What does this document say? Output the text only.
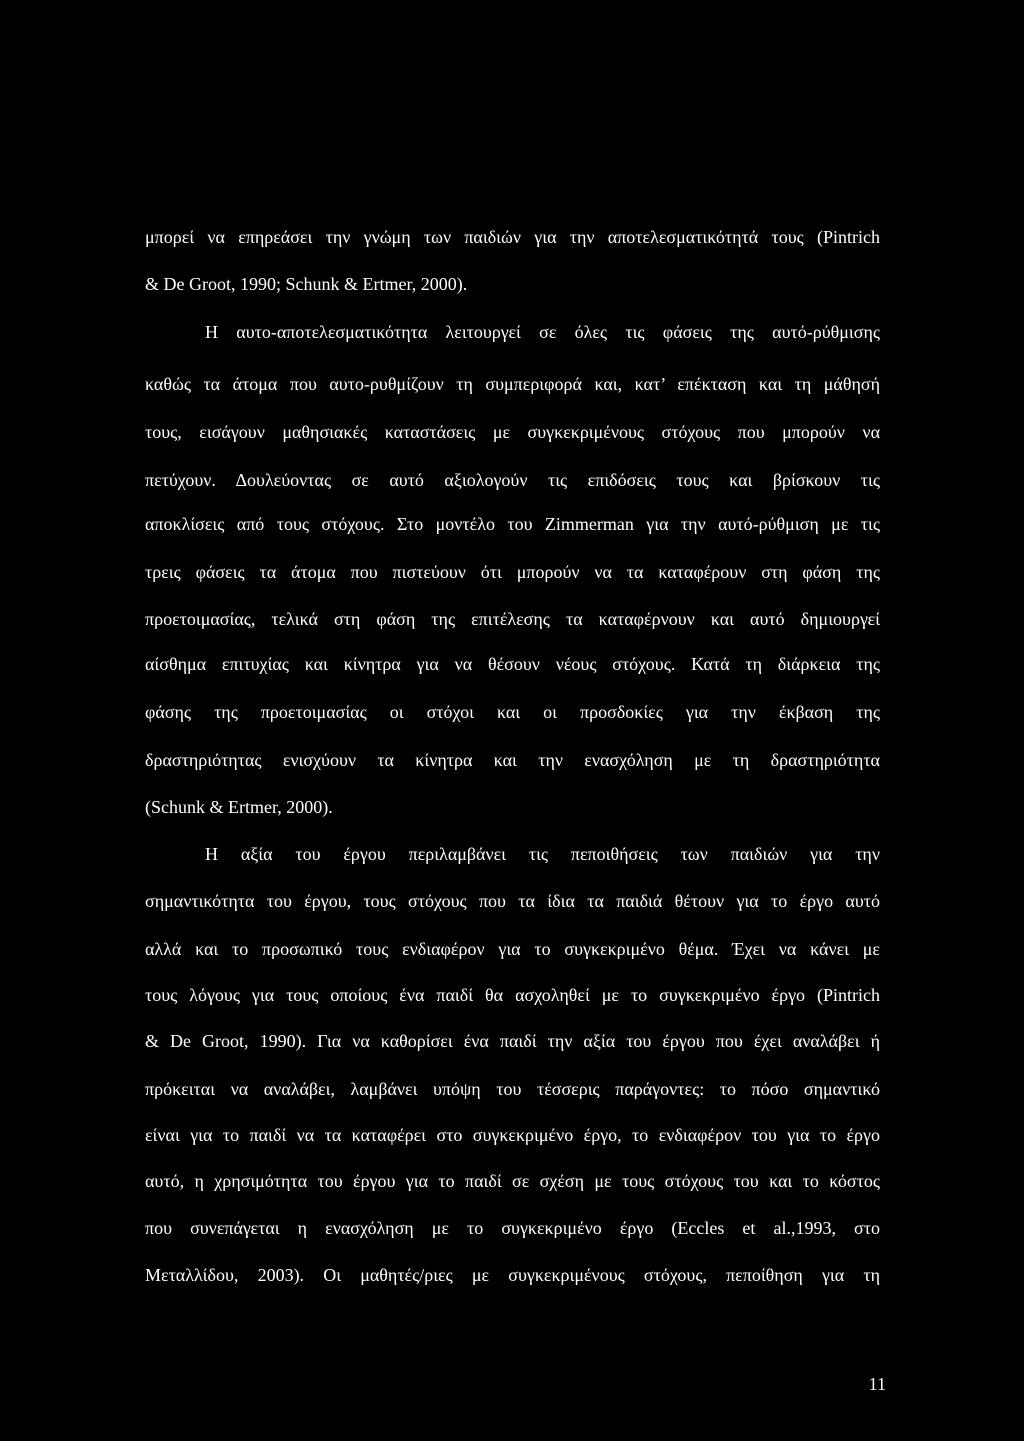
μπορεί να επηρεάσει την γνώμη των παιδιών για την αποτελεσματικότητά τους (Pintrich
& De Groot, 1990; Schunk & Ertmer, 2000).
Η αυτο-αποτελεσματικότητα λειτουργεί σε όλες τις φάσεις της αυτό-ρύθμισης
καθώς τα άτομα που αυτο-ρυθμίζουν τη συμπεριφορά και, κατ’ επέκταση και τη μάθησή
τους, εισάγουν μαθησιακές καταστάσεις με συγκεκριμένους στόχους που μπορούν να
πετύχουν. Δουλεύοντας σε αυτό αξιολογούν τις επιδόσεις τους και βρίσκουν τις
αποκλίσεις από τους στόχους. Στο μοντέλο του Zimmerman για την αυτό-ρύθμιση με τις
τρεις φάσεις τα άτομα που πιστεύουν ότι μπορούν να τα καταφέρουν στη φάση της
προετοιμασίας, τελικά στη φάση της επιτέλεσης τα καταφέρνουν και αυτό δημιουργεί
αίσθημα επιτυχίας και κίνητρα για να θέσουν νέους στόχους. Κατά τη διάρκεια της
φάσης της προετοιμασίας οι στόχοι και οι προσδοκίες για την έκβαση της
δραστηριότητας ενισχύουν τα κίνητρα και την ενασχόληση με τη δραστηριότητα
(Schunk & Ertmer, 2000).
Η αξία του έργου περιλαμβάνει τις πεποιθήσεις των παιδιών για την
σημαντικότητα του έργου, τους στόχους που τα ίδια τα παιδιά θέτουν για το έργο αυτό
αλλά και το προσωπικό τους ενδιαφέρον για το συγκεκριμένο θέμα. Έχει να κάνει με
τους λόγους για τους οποίους ένα παιδί θα ασχοληθεί με το συγκεκριμένο έργο (Pintrich
& De Groot, 1990). Για να καθορίσει ένα παιδί την αξία του έργου που έχει αναλάβει ή
πρόκειται να αναλάβει, λαμβάνει υπόψη του τέσσερις παράγοντες: το πόσο σημαντικό
είναι για το παιδί να τα καταφέρει στο συγκεκριμένο έργο, το ενδιαφέρον του για το έργο
αυτό, η χρησιμότητα του έργου για το παιδί σε σχέση με τους στόχους του και το κόστος
που συνεπάγεται η ενασχόληση με το συγκεκριμένο έργο (Eccles et al.,1993, στο
Μεταλλίδου, 2003). Οι μαθητές/ριες με συγκεκριμένους στόχους, πεποίθηση για τη
11
